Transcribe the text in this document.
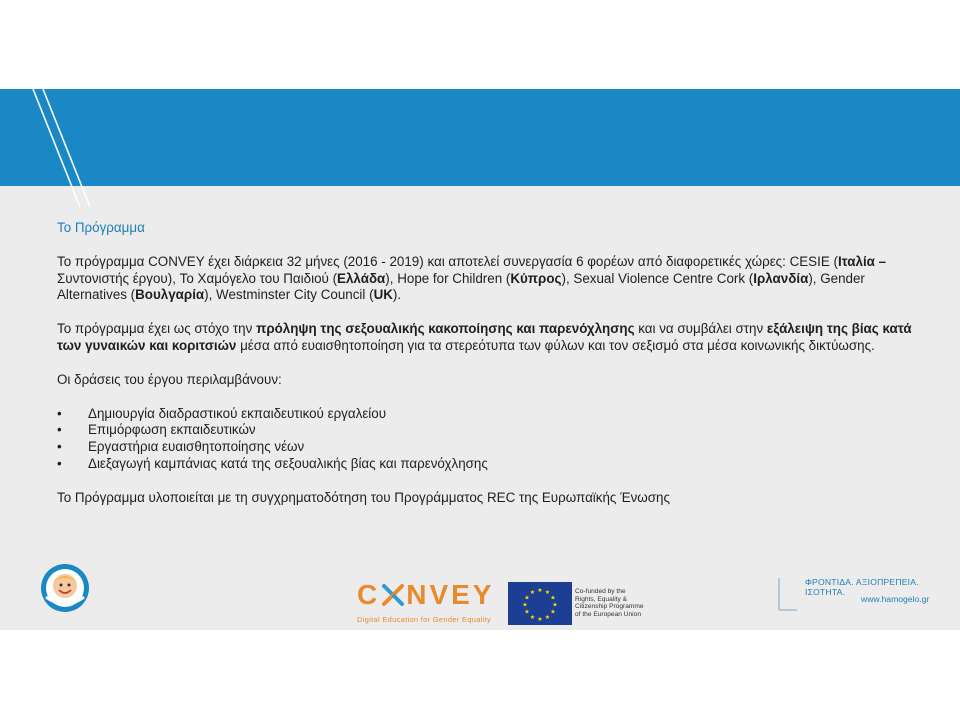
Το Πρόγραμμα

Το πρόγραμμα CONVEY έχει διάρκεια 32 μήνες (2016 - 2019) και αποτελεί συνεργασία 6 φορέων από διαφορετικές χώρες: CESIE (Ιταλία – Συντονιστής έργου), Το Χαμόγελο του Παιδιού (Ελλάδα), Hope for Children (Κύπρος), Sexual Violence Centre Cork (Ιρλανδία), Gender Alternatives (Βουλγαρία), Westminster City Council (UK).

Το πρόγραμμα έχει ως στόχο την πρόληψη της σεξουαλικής κακοποίησης και παρενόχλησης και να συμβάλει στην εξάλειψη της βίας κατά των γυναικών και κοριτσιών μέσα από ευαισθητοποίηση για τα στερεότυπα των φύλων και τον σεξισμό στα μέσα κοινωνικής δικτύωσης.

Οι δράσεις του έργου περιλαμβάνουν:

• Δημιουργία διαδραστικού εκπαιδευτικού εργαλείου
• Επιμόρφωση εκπαιδευτικών
• Εργαστήρια ευαισθητοποίησης νέων
• Διεξαγωγή καμπάνιας κατά της σεξουαλικής βίας και παρενόχλησης

Το Πρόγραμμα υλοποιείται με τη συγχρηματοδότηση του Προγράμματος REC της Ευρωπαϊκής Ένωσης

C NVEY
Digital Education for Gender Equality
★ ★
★
★
★
★
★
★
★
★
★
★	Co-funded by the
Rights, Equality &
Citizenship Programme
of the European Union
ΦΡΟΝΤΙΔΑ. ΑΞΙΟΠΡΕΠΕΙΑ. ΙΣΟΤΗΤΑ.
www.hamogelo.gr
